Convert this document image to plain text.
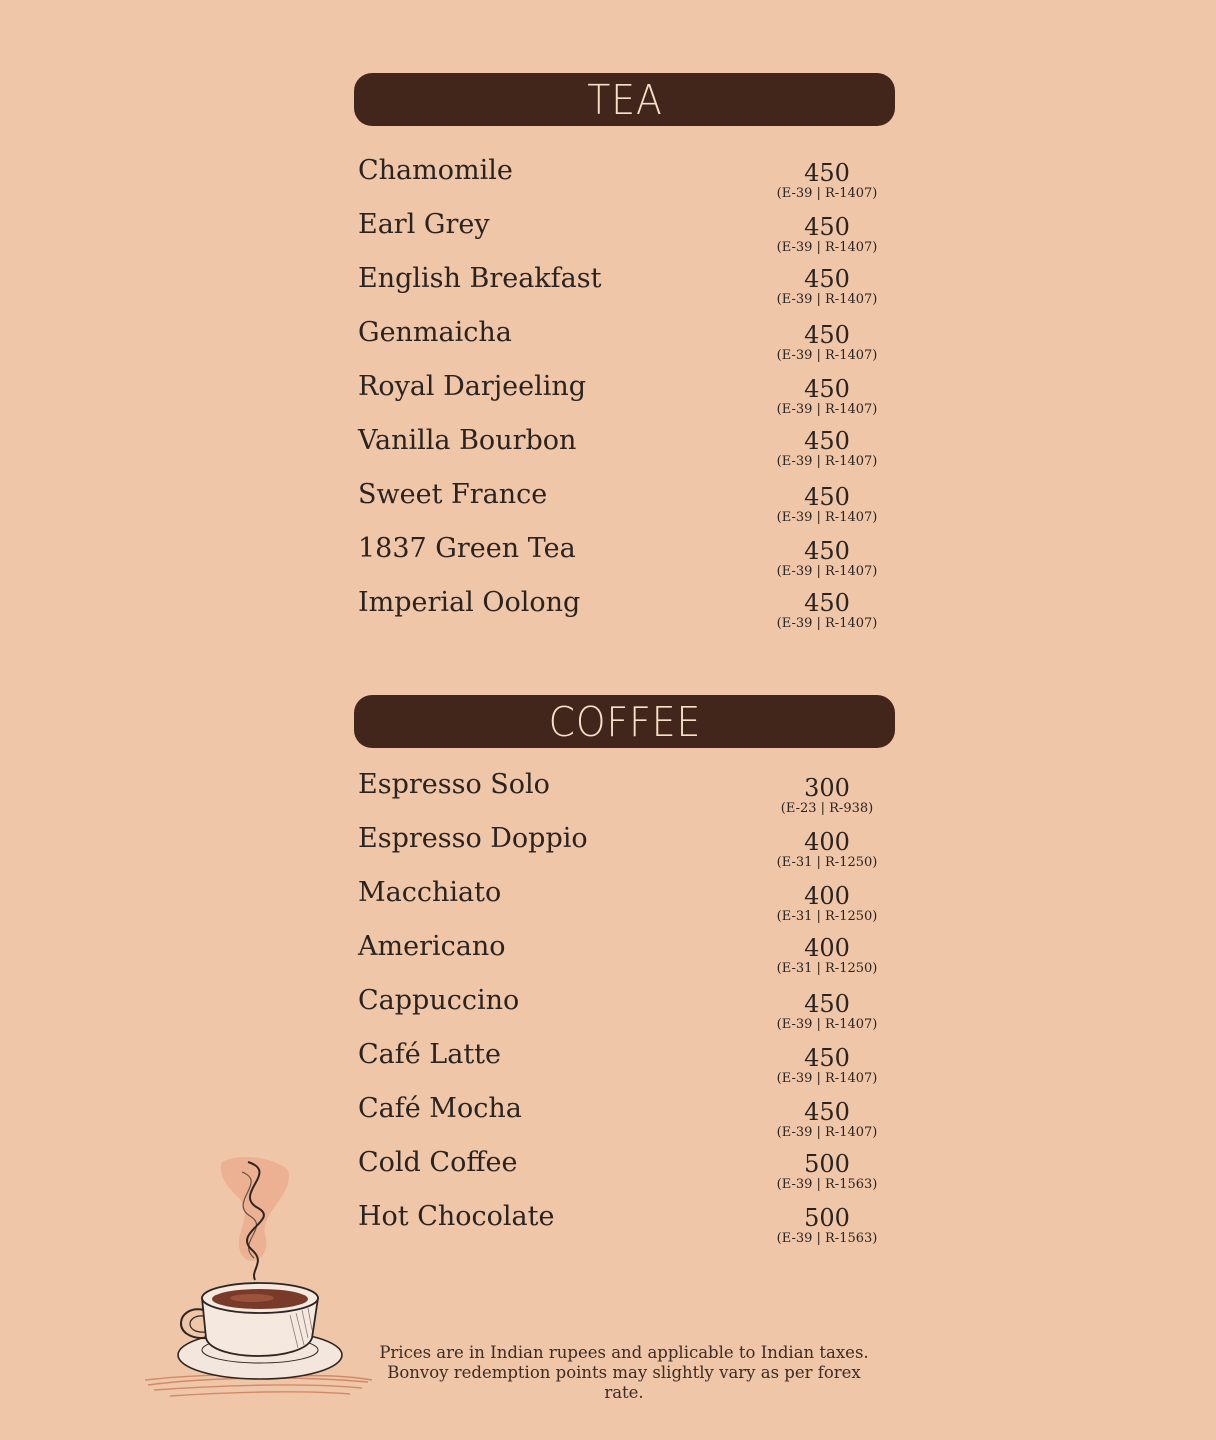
TEA
Chamomile	450
(E-39 | R-1407)
Earl Grey	450
(E-39 | R-1407)
English Breakfast	450
(E-39 | R-1407)
Genmaicha	450
(E-39 | R-1407)
Royal Darjeeling	450
(E-39 | R-1407)
Vanilla Bourbon	450
(E-39 | R-1407)
Sweet France	450
(E-39 | R-1407)
1837 Green Tea	450
(E-39 | R-1407)
Imperial Oolong	450
(E-39 | R-1407)
COFFEE
Espresso Solo	300
(E-23 | R-938)
Espresso Doppio	400
(E-31 | R-1250)
Macchiato	400
(E-31 | R-1250)
Americano	400
(E-31 | R-1250)
Cappuccino	450
(E-39 | R-1407)
Café Latte	450
(E-39 | R-1407)
Café Mocha	450
(E-39 | R-1407)
Cold Coffee	500
(E-39 | R-1563)
Hot Chocolate	500
(E-39 | R-1563)
Prices are in Indian rupees and applicable to Indian taxes.
Bonvoy redemption points may slightly vary as per forex rate.
